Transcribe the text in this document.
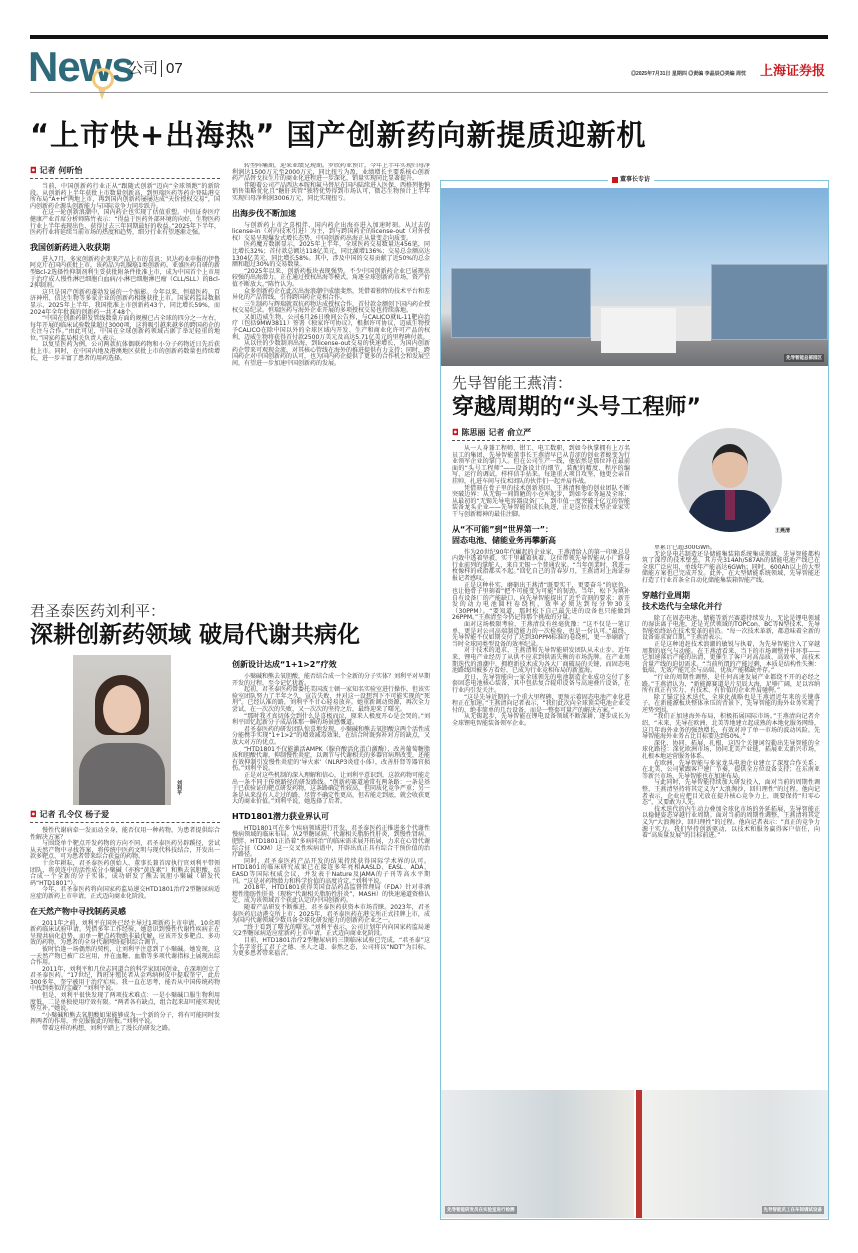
News
公司 07	◎2025年7月31日 星期四 ◎责编 李晶辰◎美编 周忱 上海证券报
“上市快+出海热” 国产创新药向新提质迎新机
◘ 记者 何昕怡

当前，中国创新药行业正从“跟随式创新”迈向“全球领跑”的新阶段。从创新药上半年获批上市数量创新高，到恒瑞医药等药企登陆港交所布局“A+H”两地上市，再到国内创新药屡屡达成“天价授权交易”，国内创新药企源头创新能力与国际竞争力同步跃升。

在这一轮创新浪潮中，国内药企也实现了估值重塑。中信证券医疗健康产业首席分析师陈竹表示：“得益于医药外部环境的向好，生物医药行业上半年表现出色，获得过去三年同期最好的收益。”2025年下半年，医药行业将延续当前市场的热度和趋势，细分行业有望逐渐走强。

我国创新药进入收获期

进入7月，多家创新药企迎来产品上市的喜讯：贝达药业申报的伊鲁阿克片在国内获批上市，该药品为乳腺癌1类创新药。亚盛医药自研的新型Bcl-2选择性抑制剂利生妥获批附条件批准上市，成为中国首个上市用于治疗成人慢性淋巴细胞白血病/小淋巴细胞淋巴瘤（CLL/SLL）的Bcl-2抑制剂。

这只是国产创新药蓬勃发展的一个缩影。今年以来，恒瑞医药、百济神州、信达生物等多家企业的创新药相继获批上市。国家药监局数据显示，2025年上半年，我国批准上市创新药43个，同比增长59%，而2024年全年批准的创新药一共才48个。

“中国在创新药研发管线数量方面的规模已占全球的四分之一左右，每年开展的临床试验数量超过3000项，这将吸引越来越多的跨国药企的关注与合作。”由此可见，中国在全球创新药领域占据了举足轻重的地位。”国家药监局相关负责人表示。

以复星医药为例，公司两款抗体偶联药物和小分子药物近日先后获批上市。同时，在中国内地及港澳地区获批上市的创新药数量也持续增长，进一步丰富了患者的用药选择。

转型阵痛期，迎来业绩兑现期。罗欣药业预计，今年上半年实现归母净利润达1500万元至2000万元，同比扭亏为盈，业绩增长主要系核心创新药产品替戈拉生片的商业化进程进一步深化，销量实现同比显著提升。

伴随着公司产品西达本胺和氟马替尼在国内陆续进入医保，西格列他钠销售策略优化且“糖肝共管”独特优势得到市场认可，微芯生物预计上半年实现归母净利润3006万元，同比实现扭亏。

出海步伐不断加速

与创新药上市之喜相伴，国内药企出海亦进入加速时刻。从过去的license-in（对内技术引进）为主，到与跨国药企的license-out（对外授权）交易呈现爆发式增长态势，中国创新药出海正从量变走向质变。

医药魔方数据显示，2025年上半年，全球医药交易数量达456笔，同比增长32%；首付款总额达118亿美元，同比激增136%；交易总金额高达1304亿美元，同比增长58%。其中，涉及中国的交易贡献了近50%的总金额和超过30%的交易数量。

“2025年以来，创新药板块表现强势。不少中国创新药企业已展现出较强的出海潜力，正在通过授权出海等模式，角逐全球创新药市场，资产价值不断放大。”陈竹认为。

众多创新药企在此次出海浪潮中成绩斐然，凭借着独特的技术平台和差异化的产品管线，引得跨国药企竞相合作。

三生制药与辉瑞就双抗药物达成授权合作，首付款金额创下国内药企授权交易纪录。恒瑞医药与海外企业开展的多项授权交易也持续落地。

又如迈威生物，公司6月26日晚间公告称，与CALICO就IL-11靶向治疗（包括9MW3811）签署《独家许可协议》，根据许可协议，迈威生物授予CALICO在除中国以外的全球区域内开发、生产和商业化许可产品的权利，迈威生物将获得首付款2500万美元及高达5.71亿美元的里程碑付款。

从以往的少数制剂出海，到license-out交易的快速增长，为国内创新药企带来可观现金流，对其核心管线在海外的推进提供有力支持；同时，跨国药企对中国创新药的认可，也为国内药企提供了更多的合作机会和发展空间，有望进一步加速中国创新药的发展。

君圣泰医药刘利平：
深耕创新药领域 破局代谢共病化
刘利平
◘ 记者 孔令仪 杨子爱

慢性代谢病牵一发而动全身，能否仅用一种药物，为患者提供综合性解决方案？

与围绕单个靶点开发药物的方向不同，君圣泰医药另辟蹊径，尝试从天然产物中寻找答案，将传统中医药文明与现代科技结合，开发出一款多靶点、可为患者带来综合获益的药物。

十余年耕耘，君圣泰医药创始人、董事长兼首席执行官刘利平带领团队，将黄连中的活性成分小檗碱（亦称“黄连素”）和熊去氧胆酸，结合成一个全新的分子实体，成功研发了熊去氧胆小檗碱（研发代码“HTD1801”）。

今年，君圣泰医药将向国家药监局递交HTD1801治疗2型糖尿病适应症的新药上市申请，正式迈向商业化阶段。

在天然产物中寻找制药灵感

2011年之前，刘利平在国外已经主导过1项新药上市申请、10余项新药临床试验申请。凭借多年工作经验，她意识到慢性代谢性疾病正在呈现共病化趋势，而单一靶点药物绝非最优解，应该开发多靶点、多功效的药物，为患者的全身代谢网络提供综合调节。

彼时恰逢一场偶然的契机，让刘利平注意到了小檗碱。她发现，这一天然产物已被广泛应用，并在血糖、血脂等多项代谢指标上展现出综合作用。

2011年，刘利平和几位志同道合的科学家回国创业，在深圳创立了君圣泰医药。“17世纪，西班牙殖民者从金鸡纳树皮中提取奎宁，此后300多年，奎宁被用于治疗疟疾。我一直在思考，能否从中国传统药物中找到类似的宝藏？”刘利平说。

但是，刘利平很快发现了两项技术难点：一是小檗碱口服生物利用度低，二是单独使用疗效有限。“两者各有缺点，组合起来却可能实现优势互补。”她说。

“小檗碱和熊去氧胆酸如果能够成为一个新的分子，将有可能同时发挥两者的作用，并克服彼此的短板。”刘利平说。

带着这样的构想，刘利平踏上了漫长的研发之路。

创新设计达成“1+1>2”疗效

小檗碱和熊去氧胆酸，能否结合成一个全新的分子实体？刘利平对早期开发的过程，至今记忆犹新。

起初，君圣泰医药曾委托美国波士顿一家知名实验室进行操作，但该实验室团队努力了半年之久，宣告失败，并对这一设想判下不可能实现的“死刑”。已经认准的路，刘利平不甘心轻易放弃。她重新调动资源，再次全力尝试，在一次次的失败、又一次次的坚持之后，最终迎来了曙光。

“那时我才真切体会到什么是喜极而泣，原来人极度开心是会哭的。”刘利平回忆起新分子成晶体那一瞬的场景感慨道。

君圣泰医药的研发团队惊喜地发现，小檗碱和熊去氧胆酸这两个活性成分能携手实现“1+1>2”的增效减毒效果，在结合时既弥补对方的缺点，又放大对方的优点。

“HTD1801不仅能激活AMPK（腺苷酸活化蛋白激酶），改善葡萄糖脂质和胆酸代谢，抑制慢性炎症，以调节与代谢相关的多器官病理改变，还能有效抑制引发慢性炎症的‘导火索’（NLRP3炎症小体），改善肝肾等器官损伤。”刘利平说。

正是对这些机制的深入理解和信心，让刘利平意识到，这款药物可能走出一条不同于传统路径的研发路线。“创新药赛道通常有两条路：一条是基于已获验证的靶点研发药物，这条路确定性较高，但同质化竞争严重；另一条是从来没有人走过的路，尽管不确定性更高，但若能走到底，就会收获更大的商业价值。”刘利平说，她选择了后者。

HTD1801潜力获业界认可

HTD1801可在多个疾病领域进行开发，君圣泰医药正推进多个代谢性慢病领域的临床布局。从2型糖尿病、代谢相关脂肪性肝炎，到慢性肾病、肥胖，HTD1801正沿着“多病同治”的临床需求展开拓展，力求在心肾代谢综合征（CKM）这一交叉性疾病谱中，开辟出真正具有综合干预价值的治疗路径。

同时，君圣泰医药产品开发的结果持续获得国际学术界的认可。HTD1801的临床研究成果已在接连多年亮相AASLD、EASL、ADA、EASD等国际权威会议，并发表于Nature及JAMA的子刊等高水平期刊。“这是对药物潜力和科学价值的高度肯定。”刘利平说。

2018年，HTD1801获得美国食品药品监督管理局（FDA）针对非酒精性脂肪性肝炎（现称“代谢相关脂肪性肝炎”，MASH）的快速通道资格认定，成为该领域首个获此认定的中国创新药。

随着产品研发不断推进，君圣泰医药获资本市场青睐。2023年，君圣泰医药启动港交所上市；2025年，君圣泰医药在港交所正式挂牌上市，成为国内代谢领域少数具备全球化研发能力的创新药企业之一。

“终于看到了曙光的曙光。”刘利平表示，公司计划年内向国家药监局递交2型糖尿病适应症新药上市申请，正式迈向商业化阶段。

目前，HTD1801治疗2型糖尿病的三期临床试验已完成，“君圣泰”这个名字寄托了君子之德、圣人之道、泰然之态，公司将以“NDT”为目标，为更多患者带来福音。

董事长专访
先导智能总部园区
先导智能王燕清：
穿越周期的“头号工程师”
◘ 陈思丽 记者 俞立严

从一人身兼工程师、钳工、电工数职，到如今执掌拥有上万名员工的集团，先导智能董事长王燕清早已从青涩的创业者蜕变为行业领军企业的掌门人。但在公司生产一线，他依然是那位冲在最前面的“头号工程师”——设备设计的细节、装配的精度、程序的编写、运行的调试，样样信手拈来。每逢重大项目攻坚，他更会亲自挂帅，扎进车间与技术团队的伙伴们一起并肩作战。

凭借刻在骨子里的技术创新基因，王燕清和他的创业团队不断突破边界：从无锡一间简陋的小仓库起步，到如今业务遍及全球；从最初的“无锡先导电容器设备厂”，到市值一度突破千亿元的智能装备龙头企业——先导智能的成长轨迹，正是这位技术型企业家实干与创新精神的最佳注脚。

从“不可能”到“世界第一”：
固态电池、储能业务再攀新高

作为20世纪90年代崛起的企业家，王燕清给人的第一印象总是内敛中透着坚毅，实干里藏着执着。这位带领先导智能从小厂跻身行业前列的掌舵人，来自无锡一个普通农家。“当年创業时，我连一枚像样的戒指都买不起。”回忆自己的青春岁月，王燕清对上海证券报记者感叹。

正是这种朴实，磨砺出王燕清“既要实干，更要奋斗”的底色，也让他骨子里刻着“把不可能变为可能”的韧劲。当年，松下为填补自有设备厂的产能缺口，向先导智能提出了近乎苛刻的要求：新开发的动力电池圆柱卷绕机，效率必须达到每分钟30支（30PPM）。“要知道，那时松下自己最先进的设备也只能做到26PPM。”王燕清至今仍记得那个挑战的分量。

面对这场极限考验，王燕清没有丝毫犹豫：“这不仅是一笔订单，更是对公司高端制造能力的一次检验，也是一份认可。”最终，先导智能不仅如期交付了达到30PPM标准的卷绕机，更一举刷新了当时全球同类型设备的效率纪录。

对于技术的追求，王燕清和先导智能研发团队从未止步。近年来，锂电产业经历了从供不应求到供需失衡的市场洗牌。在产业周期迭代的浪潮中，拥抱新技术成为各大厂商破局的关键，而固态电池路线因被多方看好，已成为行业竞相布局的新蓝海。

近日，先导智能向一家全球领先的电池制造企业成功交付了多套固态电池核心装备，其中包括复合辊印设备与高速叠片设备，在行业内引发关注。

“这是先导近期的一个重大里程碑，更预示着固态电池产业化进程正在加速。”王燕清向记者表示，“我们此次向全球顶尖电池企业交付的，绝非简单的几台设备，而是一整套可量产的解决方案。”

从无锡起步，先导智能在锂电设备领域不断深耕，逐步成长为全球锂电智能装备领军企业。

王燕清

单累计已超300GWh。

无论是电芯制造还是储能集装箱系统集成领域，先导智能都构筑了深厚的技术壁垒。其方壳314Ah/587Ah的储能电池产线已在全球广泛应用，单线年产能高达6GWh；同时，600Ah以上的大型储能方案也已完成开发。此外，在大型储能系统领域，先导智能还打造了行业首条全自动化储能集装箱智能产线。

穿越行业周期
技术迭代与全球化并行

除了在固态电池、储能等新兴赛道持续发力，无论是锂电领域的湿法离子电池，还是光伏领域的TOPCon、BC等N型技术，先导智能始终站在技术变革的前沿。“每一次技术革新，都意味着全新的设备需求窗口期。”王燕清表示。

正是这种追赶技术浪潮的敏锐与执着，为先导智能注入了穿越周期的底气与动能。在王燕清看来，当下的市场调整并非坏事——它加速落后产能的出清，更催生了客户对高品质、高效率、高技术含量产线的迫切需求。“当前所谓的产能过剩，本质是结构性失衡：低端、无效产能冗余与高端、优质产能稀缺并存。”

“行业的周期性调整，是任何高速发展产业都绕不开的必经之路。”王燕清认为，“新能源赛道是片星辰大海，足够广阔，足以容纳所有真正有实力、有技术、有价值的企业并肩驰骋。”

除了锚定技术迭代，全球化战略也是王燕清近年来的关键落子。在新能源板块整体承压的背景下，先导智能的海外业务实现了逆势突围。

“我们正加速海外布局，积极拓展国际市场。”王燕清向记者介绍，“未来，先导在欧洲、北美等地建立起成熟的本地化服务网络，这几年海外业务的强劲增长，有效对冲了单一市场的波动风险。先导智能海外业务占比目标要达到50%。”

深化、协同、拓展、扎根，这四个关键词勾勒出先导智能的全球化路径：深化欧洲市场，协同北美产业链，拓展亚太新兴市场，扎根本地运营服务体系。

在欧洲，先导智能与多家龙头电池企业建立了深度合作关系；在北美，公司紧跟客户建厂节奏，提供全方位设备支持；在东南亚等新兴市场，先导智能也在加速布局。

与此同时，先导智能持续加大研发投入，面对当前的周期性调整，王燕清坚持将其定义为“大浪淘沙，回归理性”的过程。他向记者表示，企业应把目光放在提升核心竞争力上，既要保持“归零心态”，又要敢为人先。

技术迭代的内生动力叠加全球化市场的外延拓展，先导智能正以稳健姿态穿越行业周期。面对当前的周期性调整，王燕清将其定义为“大浪淘沙，回归理性”的过程。他向记者表示：“真正的竞争力源于实力。我们坚持创新驱动，以技术和服务赢得客户信任，向着“高质量发展”的目标前进。”

先导智能研发员在实验室进行检测	先导智能员工在车间调试设备
